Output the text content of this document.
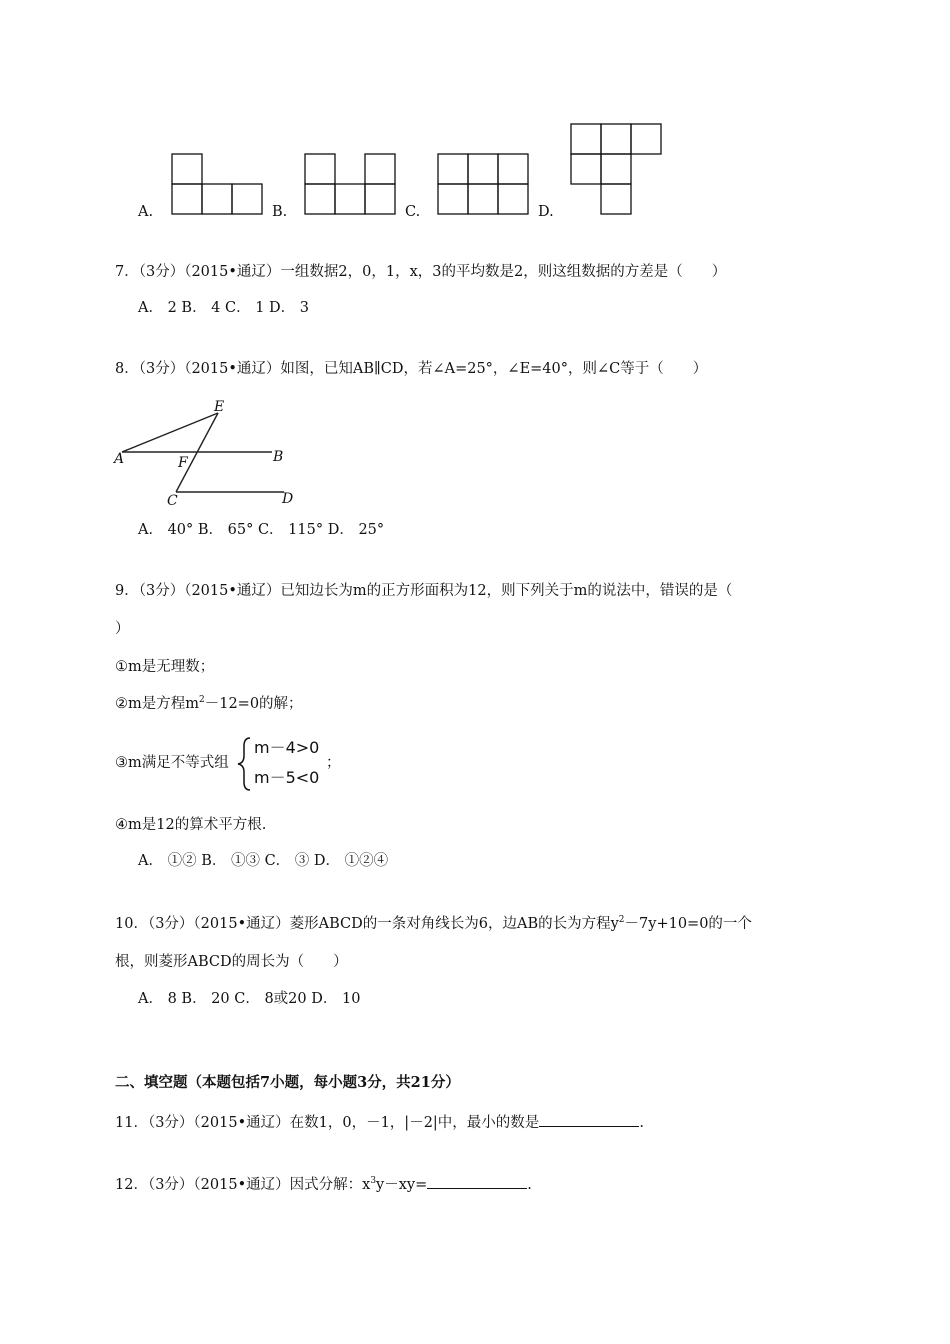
A.	B.	C.	D.
7．（3分）（2015•通辽）一组数据2，0，1，x，3的平均数是2，则这组数据的方差是（　　）
A． 2 B． 4 C． 1 D． 3
8．（3分）（2015•通辽）如图，已知AB∥CD，若∠A=25°，∠E=40°，则∠C等于（　　）
A	B
C	D
E
F
A． 40° B． 65° C． 115° D． 25°
9．（3分）（2015•通辽）已知边长为m的正方形面积为12，则下列关于m的说法中，错误的是（
）
①m是无理数；
②m是方程$m^2-12=0$的解；
③m满足不等式组
m－4>0
m－5<0
；
④m是12的算术平方根.
A． ①② B． ①③ C． ③ D． ①②④
10．（3分）（2015•通辽）菱形ABCD的一条对角线长为6，边AB的长为方程$y^2-7y+10=0$的一个
根，则菱形ABCD的周长为（　　）
A． 8 B． 20 C． 8或20 D． 10
二、填空题（本题包括7小题，每小题3分，共21分）
11．（3分）（2015•通辽）在数1，0，－1，|－2|中，最小的数是	.
12．（3分）（2015•通辽）因式分解：$x^3y-xy=$	.
